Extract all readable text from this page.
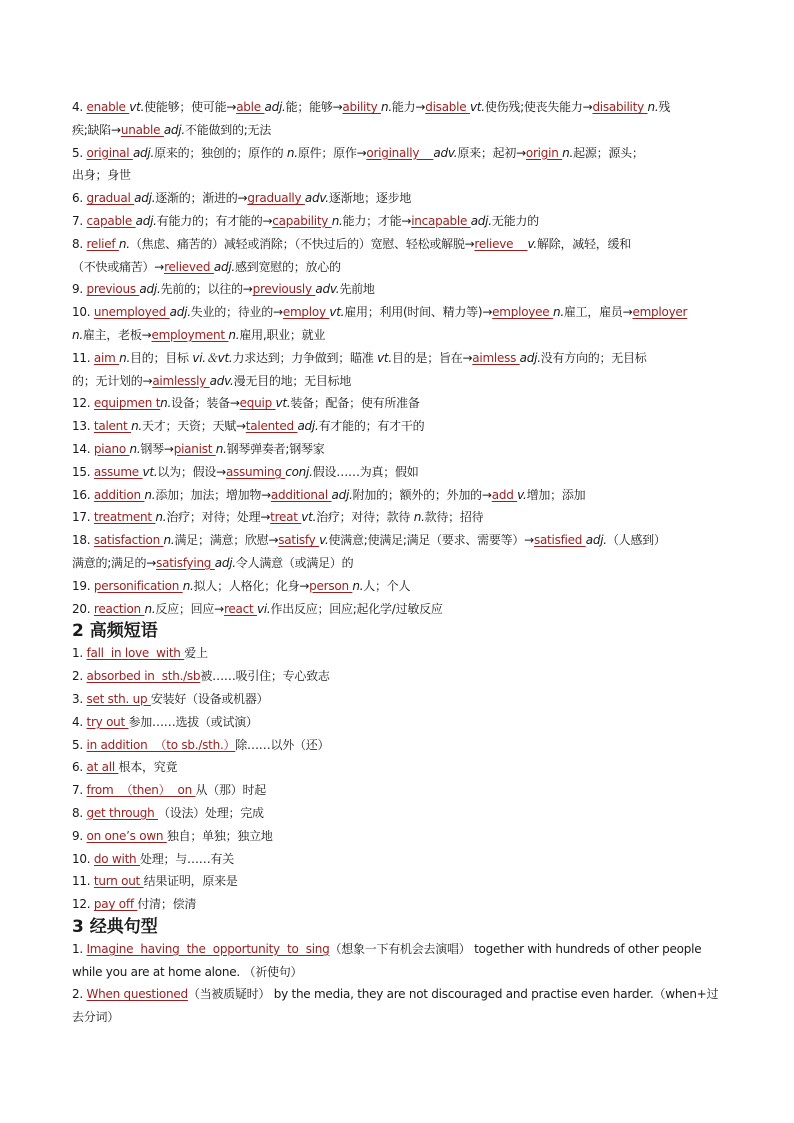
4. enable vt.使能够；使可能→able adj.能；能够→ability n.能力→disable vt.使伤残;使丧失能力→disability n.残
疾;缺陷→unable adj.不能做到的;无法
5. original adj.原来的；独创的；原作的 n.原件；原作→originally    adv.原来；起初→origin n.起源；源头；
出身；身世
6. gradual adj.逐渐的；渐进的→gradually adv.逐渐地；逐步地
7. capable adj.有能力的；有才能的→capability n.能力；才能→incapable adj.无能力的
8. relief n.（焦虑、痛苦的）减轻或消除；（不快过后的）宽慰、轻松或解脱→relieve    v.解除，减轻，缓和
（不快或痛苦）→relieved adj.感到宽慰的；放心的
9. previous adj.先前的；以往的→previously adv.先前地
10. unemployed adj.失业的；待业的→employ vt.雇用；利用(时间、精力等)→employee n.雇工，雇员→employer
n.雇主，老板→employment n.雇用,职业；就业
11. aim n.目的；目标 vi.＆vt.力求达到；力争做到；瞄准 vt.目的是；旨在→aimless adj.没有方向的；无目标
的；无计划的→aimlessly adv.漫无目的地；无目标地
12. equipmen tn.设备；装备→equip vt.装备；配备；使有所准备
13. talent n.天才；天资；天赋→talented adj.有才能的；有才干的
14. piano n.钢琴→pianist n.钢琴弹奏者;钢琴家
15. assume vt.以为；假设→assuming conj.假设……为真；假如
16. addition n.添加；加法；增加物→additional adj.附加的；额外的；外加的→add v.增加；添加
17. treatment n.治疗；对待；处理→treat vt.治疗；对待；款待 n.款待；招待
18. satisfaction n.满足；满意；欣慰→satisfy v.使满意;使满足;满足（要求、需要等）→satisfied adj.（人感到）
满意的;满足的→satisfying adj.令人满意（或满足）的
19. personification n.拟人；人格化；化身→person n.人；个人
20. reaction n.反应；回应→react vi.作出反应；回应;起化学/过敏反应
2 高频短语
1. fall  in love  with 爱上
2. absorbed in  sth./sb被……吸引住；专心致志
3. set sth. up 安装好（设备或机器）
4. try out 参加……选拔（或试演）
5. in addition  （to sb./sth.）除……以外（还）
6. at all 根本，究竟
7. from  （then）  on 从（那）时起
8. get through （设法）处理；完成
9. on one’s own 独自；单独；独立地
10. do with 处理；与……有关
11. turn out 结果证明，原来是
12. pay off 付清；偿清
3 经典句型
1. Imagine  having  the  opportunity  to  sing（想象一下有机会去演唱） together with hundreds of other people
while you are at home alone. （祈使句）
2. When questioned（当被质疑时） by the media, they are not discouraged and practise even harder.（when+过
去分词）
